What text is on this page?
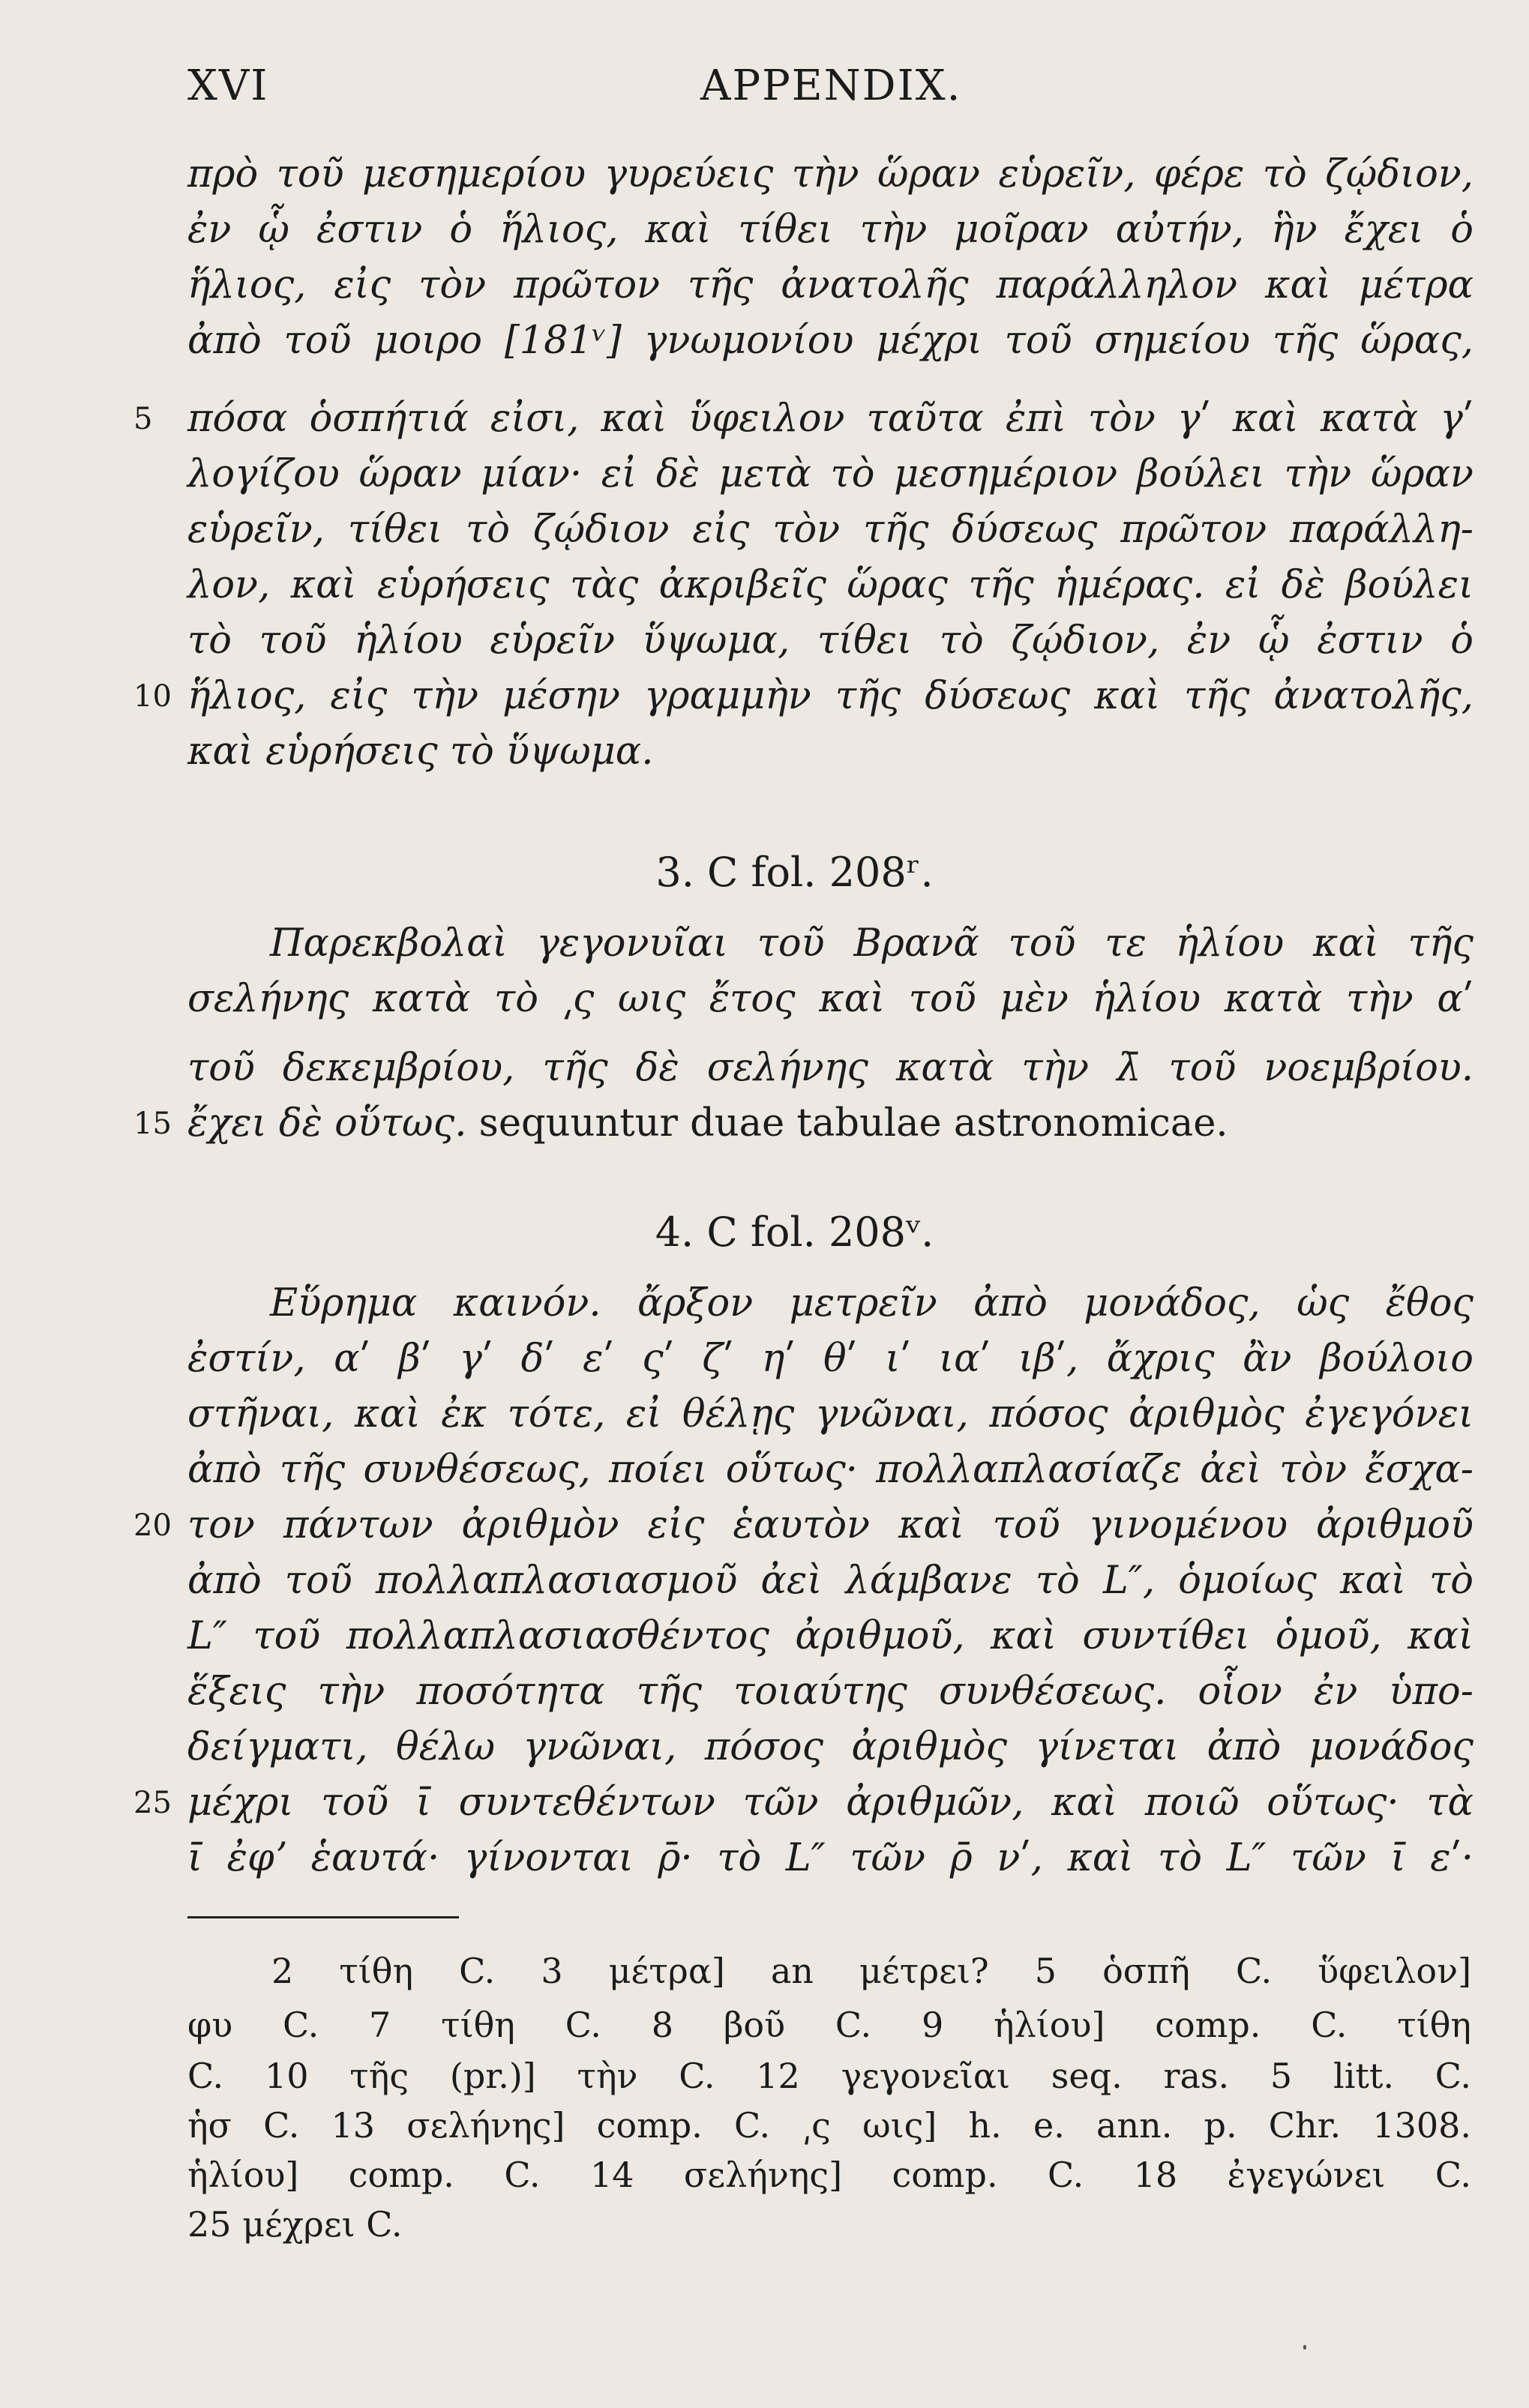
XVI	APPENDIX.
πρὸ τοῦ μεσημερίου γυρεύεις τὴν ὥραν εὑρεῖν, φέρε τὸ ζῴδιον,
ἐν ᾧ ἐστιν ὁ ἥλιος, καὶ τίθει τὴν μοῖραν αὐτήν, ἣν ἔχει ὁ
ἥλιος, εἰς τὸν πρῶτον τῆς ἀνατολῆς παράλληλον καὶ μέτρα
ἀπὸ τοῦ μοιρο [181ᵛ] γνωμονίου μέχρι τοῦ σημείου τῆς ὥρας,
5 πόσα ὁσπήτιά εἰσι, καὶ ὕφειλον ταῦτα ἐπὶ τὸν γʹ καὶ κατὰ γʹ
λογίζου ὥραν μίαν· εἰ δὲ μετὰ τὸ μεσημέριον βούλει τὴν ὥραν
εὑρεῖν, τίθει τὸ ζῴδιον εἰς τὸν τῆς δύσεως πρῶτον παράλλη-
λον, καὶ εὑρήσεις τὰς ἀκριβεῖς ὥρας τῆς ἡμέρας. εἰ δὲ βούλει
τὸ τοῦ ἡλίου εὑρεῖν ὕψωμα, τίθει τὸ ζῴδιον, ἐν ᾧ ἐστιν ὁ
10 ἥλιος, εἰς τὴν μέσην γραμμὴν τῆς δύσεως καὶ τῆς ἀνατολῆς,
καὶ εὑρήσεις τὸ ὕψωμα.
3. C fol. 208ʳ.
Παρεκβολαὶ γεγονυῖαι τοῦ Βρανᾶ τοῦ τε ἡλίου καὶ τῆς
σελήνης κατὰ τὸ ͵ς ωις ἔτος καὶ τοῦ μὲν ἡλίου κατὰ τὴν αʹ
τοῦ δεκεμβρίου, τῆς δὲ σελήνης κατὰ τὴν λ̄ τοῦ νοεμβρίου.
15 ἔχει δὲ οὕτως. sequuntur duae tabulae astronomicae.
4. C fol. 208ᵛ.
Εὕρημα καινόν. ἄρξον μετρεῖν ἀπὸ μονάδος, ὡς ἔθος
ἐστίν, αʹ βʹ γʹ δʹ εʹ ςʹ ζʹ ηʹ θʹ ιʹ ιαʹ ιβʹ, ἄχρις ἂν βούλοιο
στῆναι, καὶ ἐκ τότε, εἰ θέλῃς γνῶναι, πόσος ἀριθμὸς ἐγεγόνει
ἀπὸ τῆς συνθέσεως, ποίει οὕτως· πολλαπλασίαζε ἀεὶ τὸν ἔσχα-
20 τον πάντων ἀριθμὸν εἰς ἑαυτὸν καὶ τοῦ γινομένου ἀριθμοῦ
ἀπὸ τοῦ πολλαπλασιασμοῦ ἀεὶ λάμβανε τὸ L″, ὁμοίως καὶ τὸ
L″ τοῦ πολλαπλασιασθέντος ἀριθμοῦ, καὶ συντίθει ὁμοῦ, καὶ
ἕξεις τὴν ποσότητα τῆς τοιαύτης συνθέσεως. οἷον ἐν ὑπο-
δείγματι, θέλω γνῶναι, πόσος ἀριθμὸς γίνεται ἀπὸ μονάδος
25 μέχρι τοῦ ῑ συντεθέντων τῶν ἀριθμῶν, καὶ ποιῶ οὕτως· τὰ
ῑ ἐφʼ ἑαυτά· γίνονται ρ̄· τὸ L″ τῶν ρ̄ νʹ, καὶ τὸ L″ τῶν ῑ εʹ·
2 τίθη C. 3 μέτρα] an μέτρει? 5 ὁσπῆ C. ὕφειλον]
φυ C. 7 τίθη C. 8 βοῦ C. 9 ἡλίου] comp. C. τίθη
C. 10 τῆς (pr.)] τὴν C. 12 γεγονεῖαι seq. ras. 5 litt. C.
ἡσ C. 13 σελήνης] comp. C. ͵ς ωις] h. e. ann. p. Chr. 1308.
ἡλίου] comp. C. 14 σελήνης] comp. C. 18 ἐγεγώνει C.
25 μέχρει C.
